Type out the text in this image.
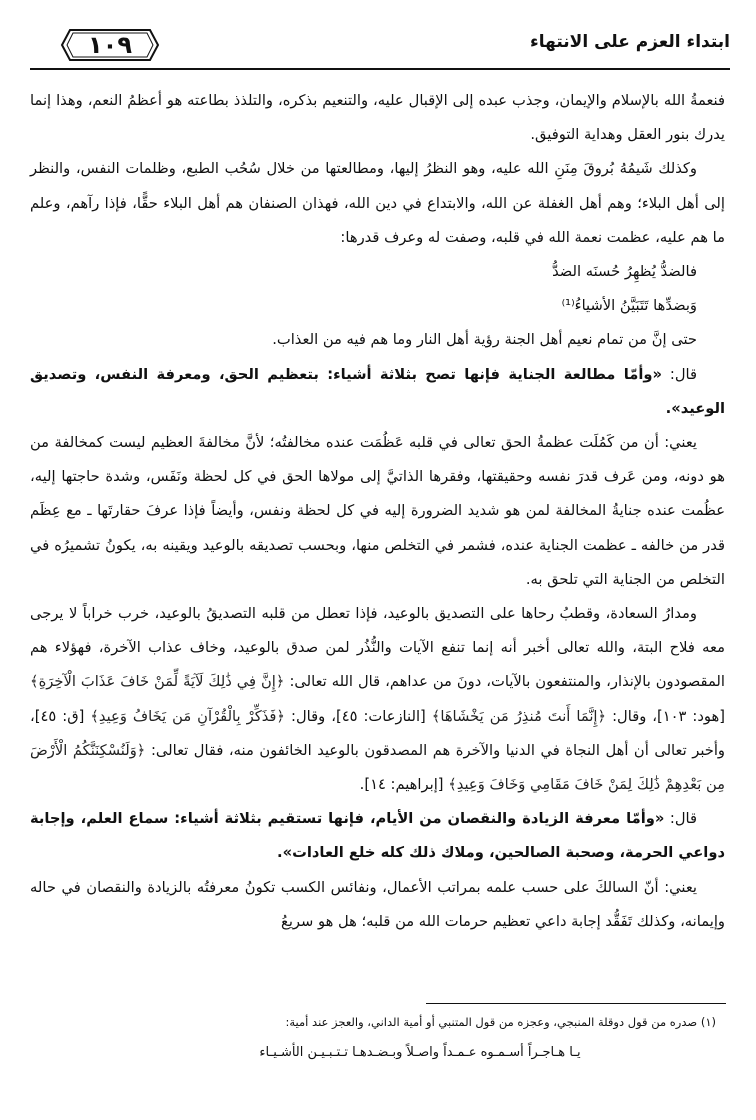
ابتداء العزم على الانتهاء
١٠٩

فنعمةُ الله بالإسلام والإيمان، وجذب عبده إلى الإقبال عليه، والتنعيم بذكره، والتلذذ بطاعته هو أعظمُ النعم، وهذا إنما يدرك بنور العقل وهداية التوفيق.

وكذلك شَيمُهُ بُروقَ مِنَنِ الله عليه، وهو النظرُ إليها، ومطالعتها من خلال سُحُب الطبع، وظلمات النفس، والنظر إلى أهل البلاء؛ وهم أهل الغفلة عن الله، والابتداع في دين الله، فهذان الصنفان هم أهل البلاء حقًّا، فإذا رآهم، وعلم ما هم عليه، عظمت نعمة الله في قلبه، وصفت له وعرف قدرها:

فالضدُّ يُظهِرُ حُسنَه الضدُّ

وَبضدِّها تَتَبَيَّنُ الأشياءُ⁽¹⁾

حتى إنَّ من تمام نعيم أهل الجنة رؤية أهل النار وما هم فيه من العذاب.

قال: «وأمّا مطالعة الجناية فإنها تصح بثلاثة أشياء: بتعظيم الحق، ومعرفة النفس، وتصديق الوعيد».

يعني: أن من كَمُلَت عظمةُ الحق تعالى في قلبه عَظُمَت عنده مخالفتُه؛ لأنَّ مخالفةَ العظيم ليست كمخالفة من هو دونه، ومن عَرف قدرَ نفسه وحقيقتها، وفقرها الذاتيَّ إلى مولاها الحق في كل لحظة ونَفَس، وشدة حاجتها إليه، عظُمت عنده جنايةُ المخالفة لمن هو شديد الضرورة إليه في كل لحظة ونفس، وأيضاً فإذا عرفَ حقارتَها ـ مع عِظَم قدر من خالفه ـ عظمت الجناية عنده، فشمر في التخلص منها، وبحسب تصديقه بالوعيد ويقينه به، يكونُ تشميرُه في التخلص من الجناية التي تلحق به.

ومدارُ السعادة، وقطبُ رحاها على التصديق بالوعيد، فإذا تعطل من قلبه التصديقُ بالوعيد، خرب خراباً لا يرجى معه فلاح البتة، والله تعالى أخبر أنه إنما تنفع الآيات والنُّذُر لمن صدق بالوعيد، وخاف عذاب الآخرة، فهؤلاء هم المقصودون بالإنذار، والمنتفعون بالآيات، دونَ من عداهم، قال الله تعالى: ﴿إِنَّ فِي ذَٰلِكَ لَآيَةً لِّمَنْ خَافَ عَذَابَ الْآخِرَةِ﴾ [هود: ١٠٣]، وقال: ﴿إِنَّمَا أَنتَ مُنذِرُ مَن يَخْشَاهَا﴾ [النازعات: ٤٥]، وقال: ﴿فَذَكِّرْ بِالْقُرْآنِ مَن يَخَافُ وَعِيدِ﴾ [ق: ٤٥]، وأخبر تعالى أن أهل النجاة في الدنيا والآخرة هم المصدقون بالوعيد الخائفون منه، فقال تعالى: ﴿وَلَنُسْكِنَنَّكُمُ الْأَرْضَ مِن بَعْدِهِمْ ذَٰلِكَ لِمَنْ خَافَ مَقَامِي وَخَافَ وَعِيدِ﴾ [إبراهيم: ١٤].

قال: «وأمّا معرفة الزيادة والنقصان من الأيام، فإنها تستقيم بثلاثة أشياء: سماع العلم، وإجابة دواعي الحرمة، وصحبة الصالحين، وملاك ذلك كله خلع العادات».

يعني: أنّ السالكَ على حسب علمه بمراتب الأعمال، ونفائس الكسب تكونُ معرفتُه بالزيادة والنقصان في حاله وإيمانه، وكذلك تَفَقُّد إجابة داعي تعظيم حرمات الله من قلبه؛ هل هو سريعُ

(١) صدره من قول دوقلة المنبجي، وعجزه من قول المتنبي أو أمية الداني، والعجز عند أمية:
يـا هـاجـراً أسـمـوه عـمـداً واصـلاً وبـضـدهـا تـتـبـيـن الأشـيـاء
